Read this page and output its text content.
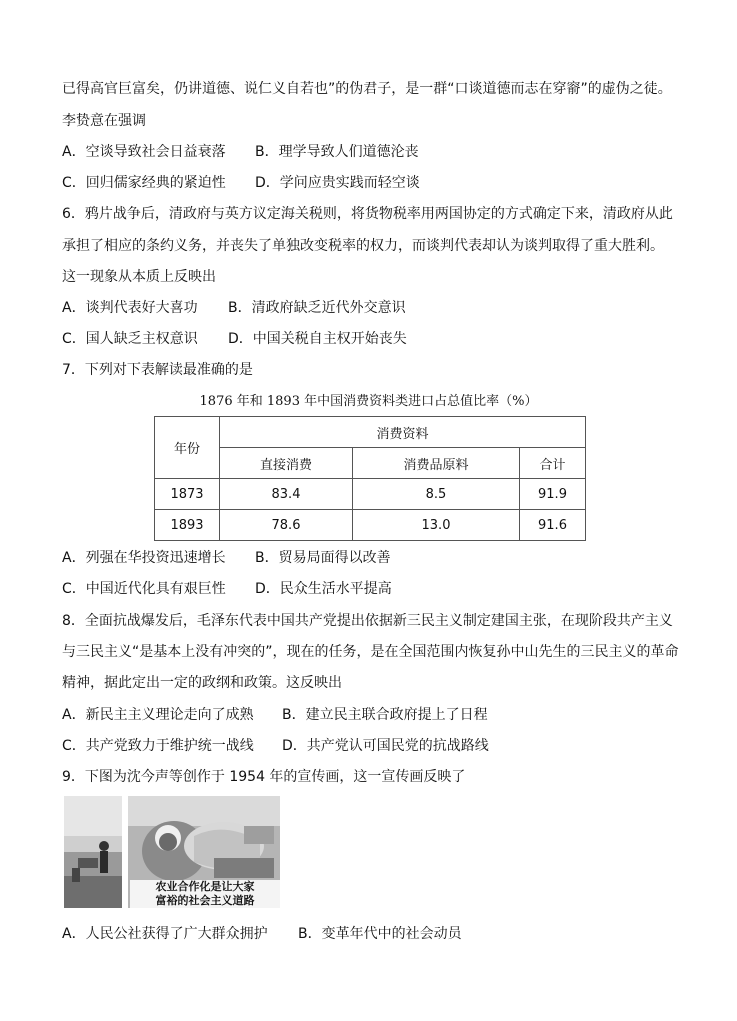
已得高官巨富矣，仍讲道德、说仁义自若也”的伪君子，是一群“口谈道德而志在穿窬”的虚伪之徒。
李贽意在强调
A．空谈导致社会日益衰落 B．理学导致人们道德沦丧
C．回归儒家经典的紧迫性 D．学问应贵实践而轻空谈
6．鸦片战争后，清政府与英方议定海关税则，将货物税率用两国协定的方式确定下来，清政府从此
承担了相应的条约义务，并丧失了单独改变税率的权力，而谈判代表却认为谈判取得了重大胜利。
这一现象从本质上反映出
A．谈判代表好大喜功 B．清政府缺乏近代外交意识
C．国人缺乏主权意识 D．中国关税自主权开始丧失
7．下列对下表解读最准确的是
1876 年和 1893 年中国消费资料类进口占总值比率（%）
年份	消费资料		
	直接消费	消费品原料	合计
1873	83.4	8.5	91.9
1893	78.6	13.0	91.6
A．列强在华投资迅速增长 B．贸易局面得以改善
C．中国近代化具有艰巨性 D．民众生活水平提高
8．全面抗战爆发后，毛泽东代表中国共产党提出依据新三民主义制定建国主张，在现阶段共产主义
与三民主义“是基本上没有冲突的”，现在的任务，是在全国范围内恢复孙中山先生的三民主义的革命
精神，据此定出一定的政纲和政策。这反映出
A．新民主主义理论走向了成熟 B．建立民主联合政府提上了日程
C．共产党致力于维护统一战线 D．共产党认可国民党的抗战路线
9．下图为沈今声等创作于 1954 年的宣传画，这一宣传画反映了
农业合作化是让大家
富裕的社会主义道路
A．人民公社获得了广大群众拥护 B．变革年代中的社会动员
